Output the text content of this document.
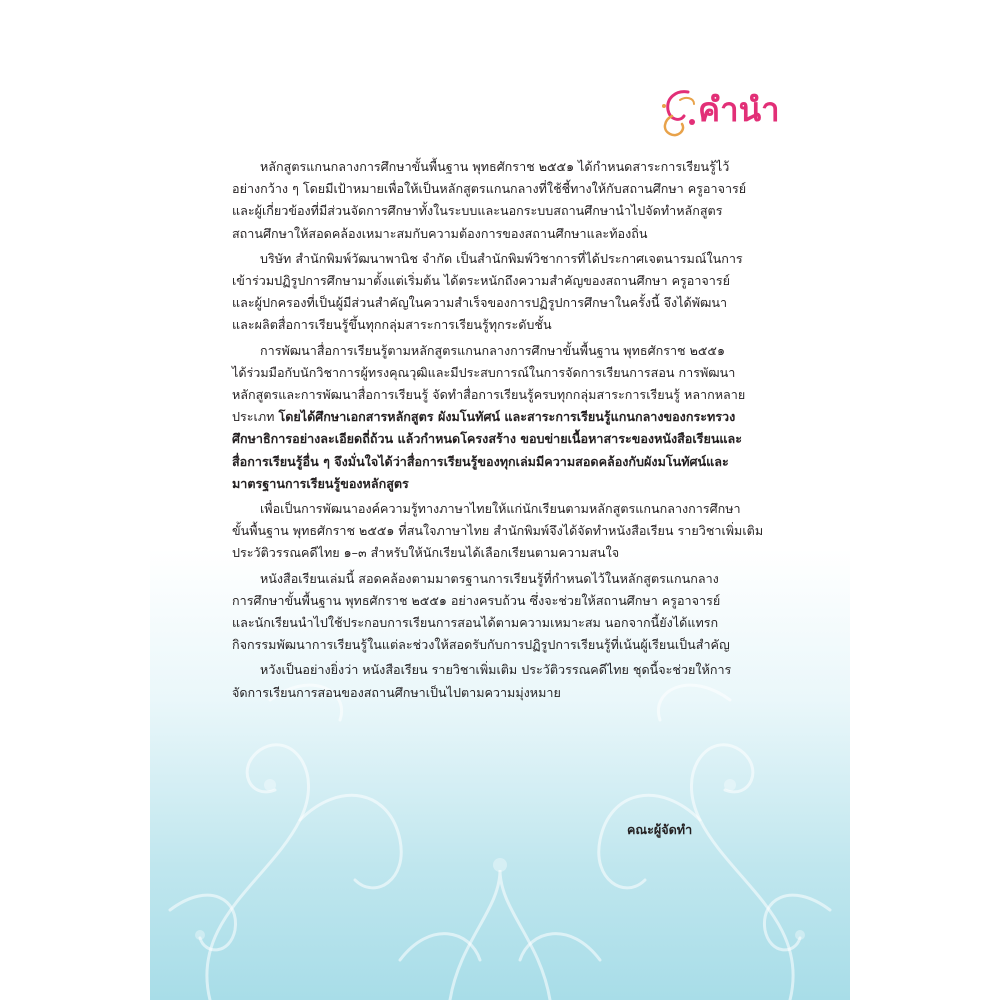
คำนำ

หลักสูตรแกนกลางการศึกษาขั้นพื้นฐาน พุทธศักราช ๒๕๕๑ ได้กำหนดสาระการเรียนรู้ไว้
อย่างกว้าง ๆ โดยมีเป้าหมายเพื่อให้เป็นหลักสูตรแกนกลางที่ใช้ชี้ทางให้กับสถานศึกษา ครูอาจารย์
และผู้เกี่ยวข้องที่มีส่วนจัดการศึกษาทั้งในระบบและนอกระบบสถานศึกษานำไปจัดทำหลักสูตร
สถานศึกษาให้สอดคล้องเหมาะสมกับความต้องการของสถานศึกษาและท้องถิ่น

บริษัท สำนักพิมพ์วัฒนาพานิช จำกัด เป็นสำนักพิมพ์วิชาการที่ได้ประกาศเจตนารมณ์ในการ
เข้าร่วมปฏิรูปการศึกษามาตั้งแต่เริ่มต้น ได้ตระหนักถึงความสำคัญของสถานศึกษา ครูอาจารย์
และผู้ปกครองที่เป็นผู้มีส่วนสำคัญในความสำเร็จของการปฏิรูปการศึกษาในครั้งนี้ จึงได้พัฒนา
และผลิตสื่อการเรียนรู้ขึ้นทุกกลุ่มสาระการเรียนรู้ทุกระดับชั้น

การพัฒนาสื่อการเรียนรู้ตามหลักสูตรแกนกลางการศึกษาขั้นพื้นฐาน พุทธศักราช ๒๕๕๑
ได้ร่วมมือกับนักวิชาการผู้ทรงคุณวุฒิและมีประสบการณ์ในการจัดการเรียนการสอน การพัฒนา
หลักสูตรและการพัฒนาสื่อการเรียนรู้ จัดทำสื่อการเรียนรู้ครบทุกกลุ่มสาระการเรียนรู้ หลากหลาย
ประเภท โดยได้ศึกษาเอกสารหลักสูตร ผังมโนทัศน์ และสาระการเรียนรู้แกนกลางของกระทรวง
ศึกษาธิการอย่างละเอียดถี่ถ้วน แล้วกำหนดโครงสร้าง ขอบข่ายเนื้อหาสาระของหนังสือเรียนและ
สื่อการเรียนรู้อื่น ๆ จึงมั่นใจได้ว่าสื่อการเรียนรู้ของทุกเล่มมีความสอดคล้องกับผังมโนทัศน์และ
มาตรฐานการเรียนรู้ของหลักสูตร

เพื่อเป็นการพัฒนาองค์ความรู้ทางภาษาไทยให้แก่นักเรียนตามหลักสูตรแกนกลางการศึกษา
ขั้นพื้นฐาน พุทธศักราช ๒๕๕๑ ที่สนใจภาษาไทย สำนักพิมพ์จึงได้จัดทำหนังสือเรียน รายวิชาเพิ่มเติม
ประวัติวรรณคดีไทย ๑–๓ สำหรับให้นักเรียนได้เลือกเรียนตามความสนใจ

หนังสือเรียนเล่มนี้ สอดคล้องตามมาตรฐานการเรียนรู้ที่กำหนดไว้ในหลักสูตรแกนกลาง
การศึกษาขั้นพื้นฐาน พุทธศักราช ๒๕๕๑ อย่างครบถ้วน ซึ่งจะช่วยให้สถานศึกษา ครูอาจารย์
และนักเรียนนำไปใช้ประกอบการเรียนการสอนได้ตามความเหมาะสม นอกจากนี้ยังได้แทรก
กิจกรรมพัฒนาการเรียนรู้ในแต่ละช่วงให้สอดรับกับการปฏิรูปการเรียนรู้ที่เน้นผู้เรียนเป็นสำคัญ

หวังเป็นอย่างยิ่งว่า หนังสือเรียน รายวิชาเพิ่มเติม ประวัติวรรณคดีไทย ชุดนี้จะช่วยให้การ
จัดการเรียนการสอนของสถานศึกษาเป็นไปตามความมุ่งหมาย

คณะผู้จัดทำ
